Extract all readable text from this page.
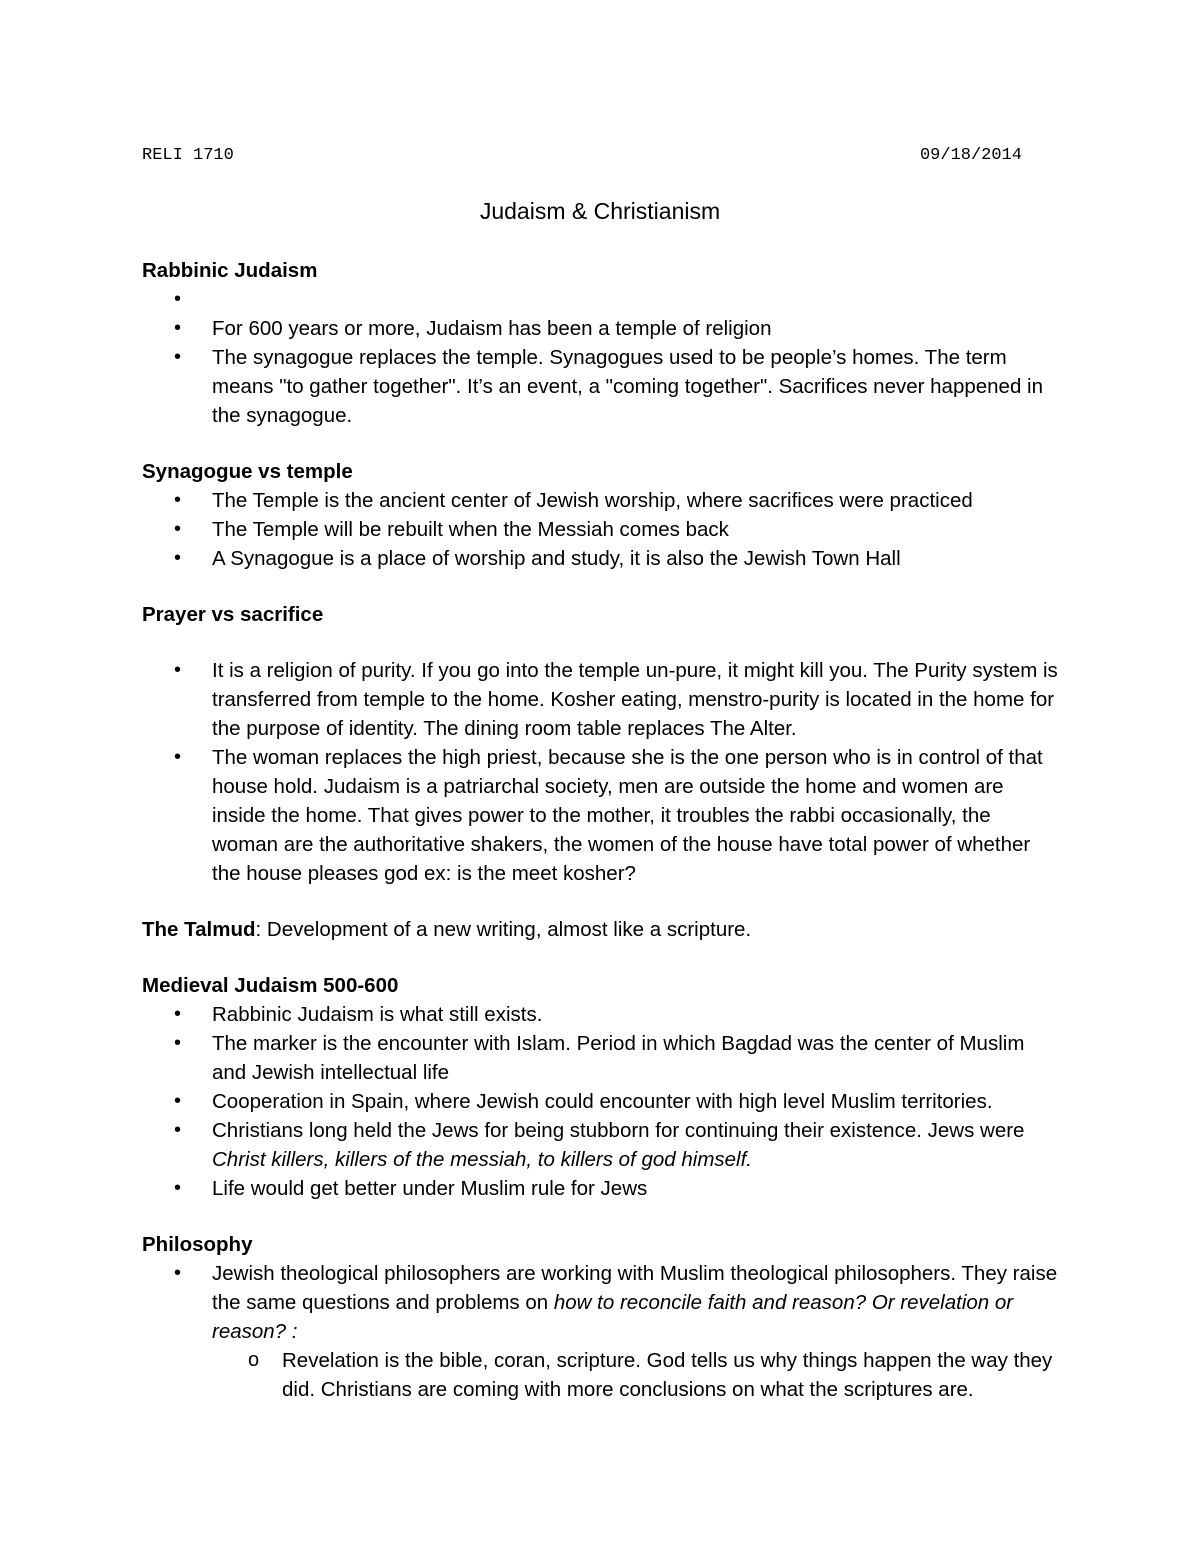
RELI 1710	09/18/2014
Judaism & Christianism
Rabbinic Judaism
•
• For 600 years or more, Judaism has been a temple of religion
• The synagogue replaces the temple. Synagogues used to be people’s homes. The term means "to gather together". It’s an event, a "coming together". Sacrifices never happened in the synagogue.
Synagogue vs temple
• The Temple is the ancient center of Jewish worship, where sacrifices were practiced
• The Temple will be rebuilt when the Messiah comes back
• A Synagogue is a place of worship and study, it is also the Jewish Town Hall
Prayer vs sacrifice
• It is a religion of purity. If you go into the temple un-pure, it might kill you. The Purity system is transferred from temple to the home. Kosher eating, menstro-purity is located in the home for the purpose of identity. The dining room table replaces The Alter.
• The woman replaces the high priest, because she is the one person who is in control of that house hold. Judaism is a patriarchal society, men are outside the home and women are inside the home. That gives power to the mother, it troubles the rabbi occasionally, the woman are the authoritative shakers, the women of the house have total power of whether the house pleases god ex: is the meet kosher?

The Talmud: Development of a new writing, almost like a scripture.

Medieval Judaism 500-600
• Rabbinic Judaism is what still exists.
• The marker is the encounter with Islam. Period in which Bagdad was the center of Muslim and Jewish intellectual life
• Cooperation in Spain, where Jewish could encounter with high level Muslim territories.
• Christians long held the Jews for being stubborn for continuing their existence. Jews were Christ killers, killers of the messiah, to killers of god himself.
• Life would get better under Muslim rule for Jews
Philosophy
• Jewish theological philosophers are working with Muslim theological philosophers. They raise the same questions and problems on how to reconcile faith and reason? Or revelation or reason? :
o Revelation is the bible, coran, scripture. God tells us why things happen the way they did. Christians are coming with more conclusions on what the scriptures are.
